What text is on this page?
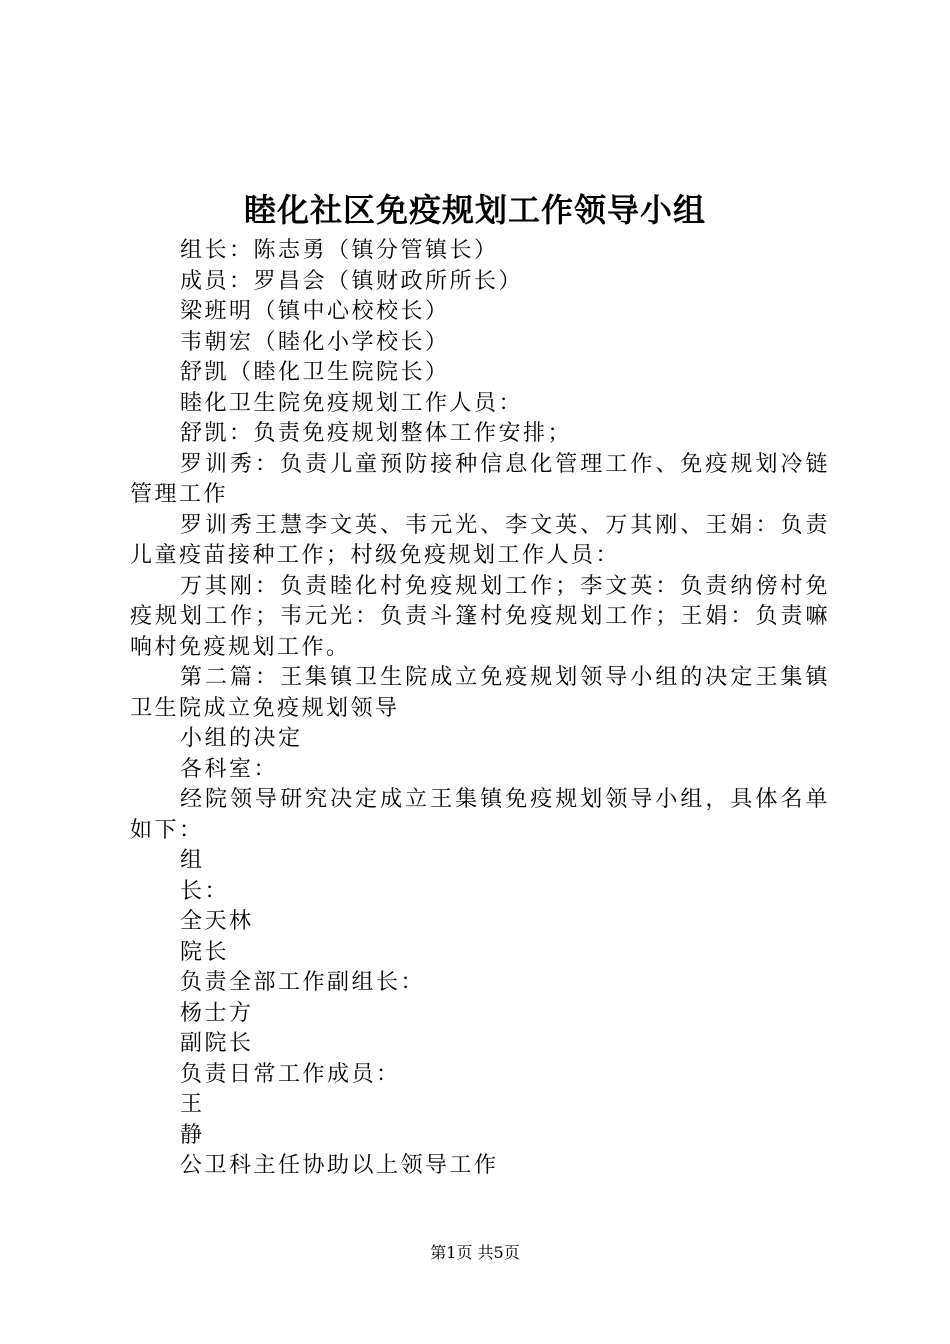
睦化社区免疫规划工作领导小组

组长：陈志勇（镇分管镇长）

成员：罗昌会（镇财政所所长）

梁班明（镇中心校校长）

韦朝宏（睦化小学校长）

舒凯（睦化卫生院院长）

睦化卫生院免疫规划工作人员：

舒凯：负责免疫规划整体工作安排；

罗训秀：负责儿童预防接种信息化管理工作、免疫规划冷链管理工作

罗训秀王慧李文英、韦元光、李文英、万其刚、王娟：负责儿童疫苗接种工作；村级免疫规划工作人员：

万其刚：负责睦化村免疫规划工作；李文英：负责纳傍村免疫规划工作；韦元光：负责斗篷村免疫规划工作；王娟：负责嘛响村免疫规划工作。

第二篇：王集镇卫生院成立免疫规划领导小组的决定王集镇卫生院成立免疫规划领导

小组的决定

各科室：

经院领导研究决定成立王集镇免疫规划领导小组，具体名单如下：

组

长：

全天林

院长

负责全部工作副组长：

杨士方

副院长

负责日常工作成员：

王

静

公卫科主任协助以上领导工作

第1页 共5页
